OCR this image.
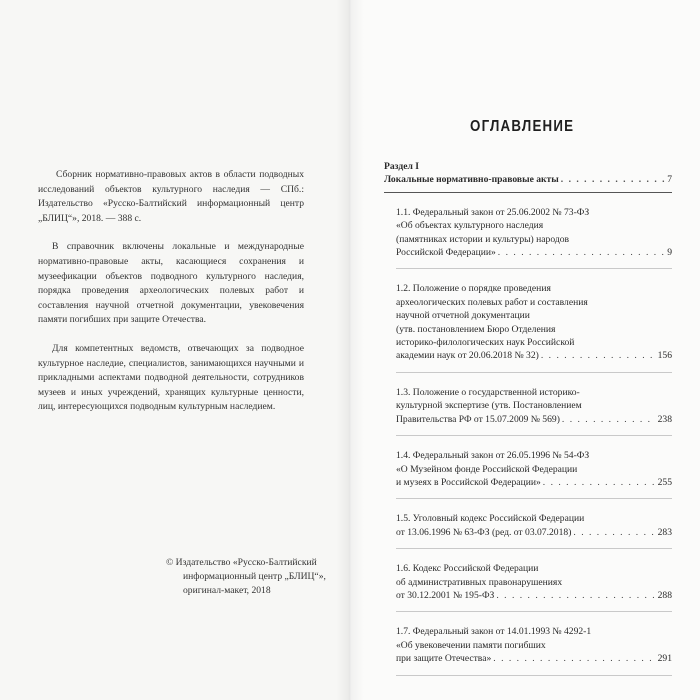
Сборник нормативно-правовых актов в области подводных исследований объектов культурного наследия — СПб.: Издательство «Русско-Балтийский информационный центр „БЛИЦ“», 2018. — 388 с.

В справочник включены локальные и международные нормативно-правовые акты, касающиеся сохранения и музеефикации объектов подводного культурного наследия, порядка проведения археологических полевых работ и составления научной отчетной документации, увековечения памяти погибших при защите Отечества.

Для компетентных ведомств, отвечающих за подводное культурное наследие, специалистов, занимающихся научными и прикладными аспектами подводной деятельности, сотрудников музеев и иных учреждений, хранящих культурные ценности, лиц, интересующихся подводным культурным наследием.

© Издательство «Русско-Балтийский
информационный центр „БЛИЦ“»,
оригинал-макет, 2018
ОГЛАВЛЕНИЕ
Раздел I
Локальные нормативно-правовые акты . . .	7
1.1. Федеральный закон от 25.06.2002 № 73-ФЗ
«Об объектах культурного наследия
(памятниках истории и культуры) народов
Российской Федерации» . . .	9
1.2. Положение о порядке проведения
археологических полевых работ и составления
научной отчетной документации
(утв. постановлением Бюро Отделения
историко-филологических наук Российской
академии наук от 20.06.2018 № 32) . . .	156
1.3. Положение о государственной историко-
культурной экспертизе (утв. Постановлением
Правительства РФ от 15.07.2009 № 569) . . .	238
1.4. Федеральный закон от 26.05.1996 № 54-ФЗ
«О Музейном фонде Российской Федерации
и музеях в Российской Федерации» . . .	255
1.5. Уголовный кодекс Российской Федерации
от 13.06.1996 № 63-ФЗ (ред. от 03.07.2018) . . .	283
1.6. Кодекс Российской Федерации
об административных правонарушениях
от 30.12.2001 № 195-ФЗ . . .	288
1.7. Федеральный закон от 14.01.1993 № 4292-1
«Об увековечении памяти погибших
при защите Отечества» . . .	291
